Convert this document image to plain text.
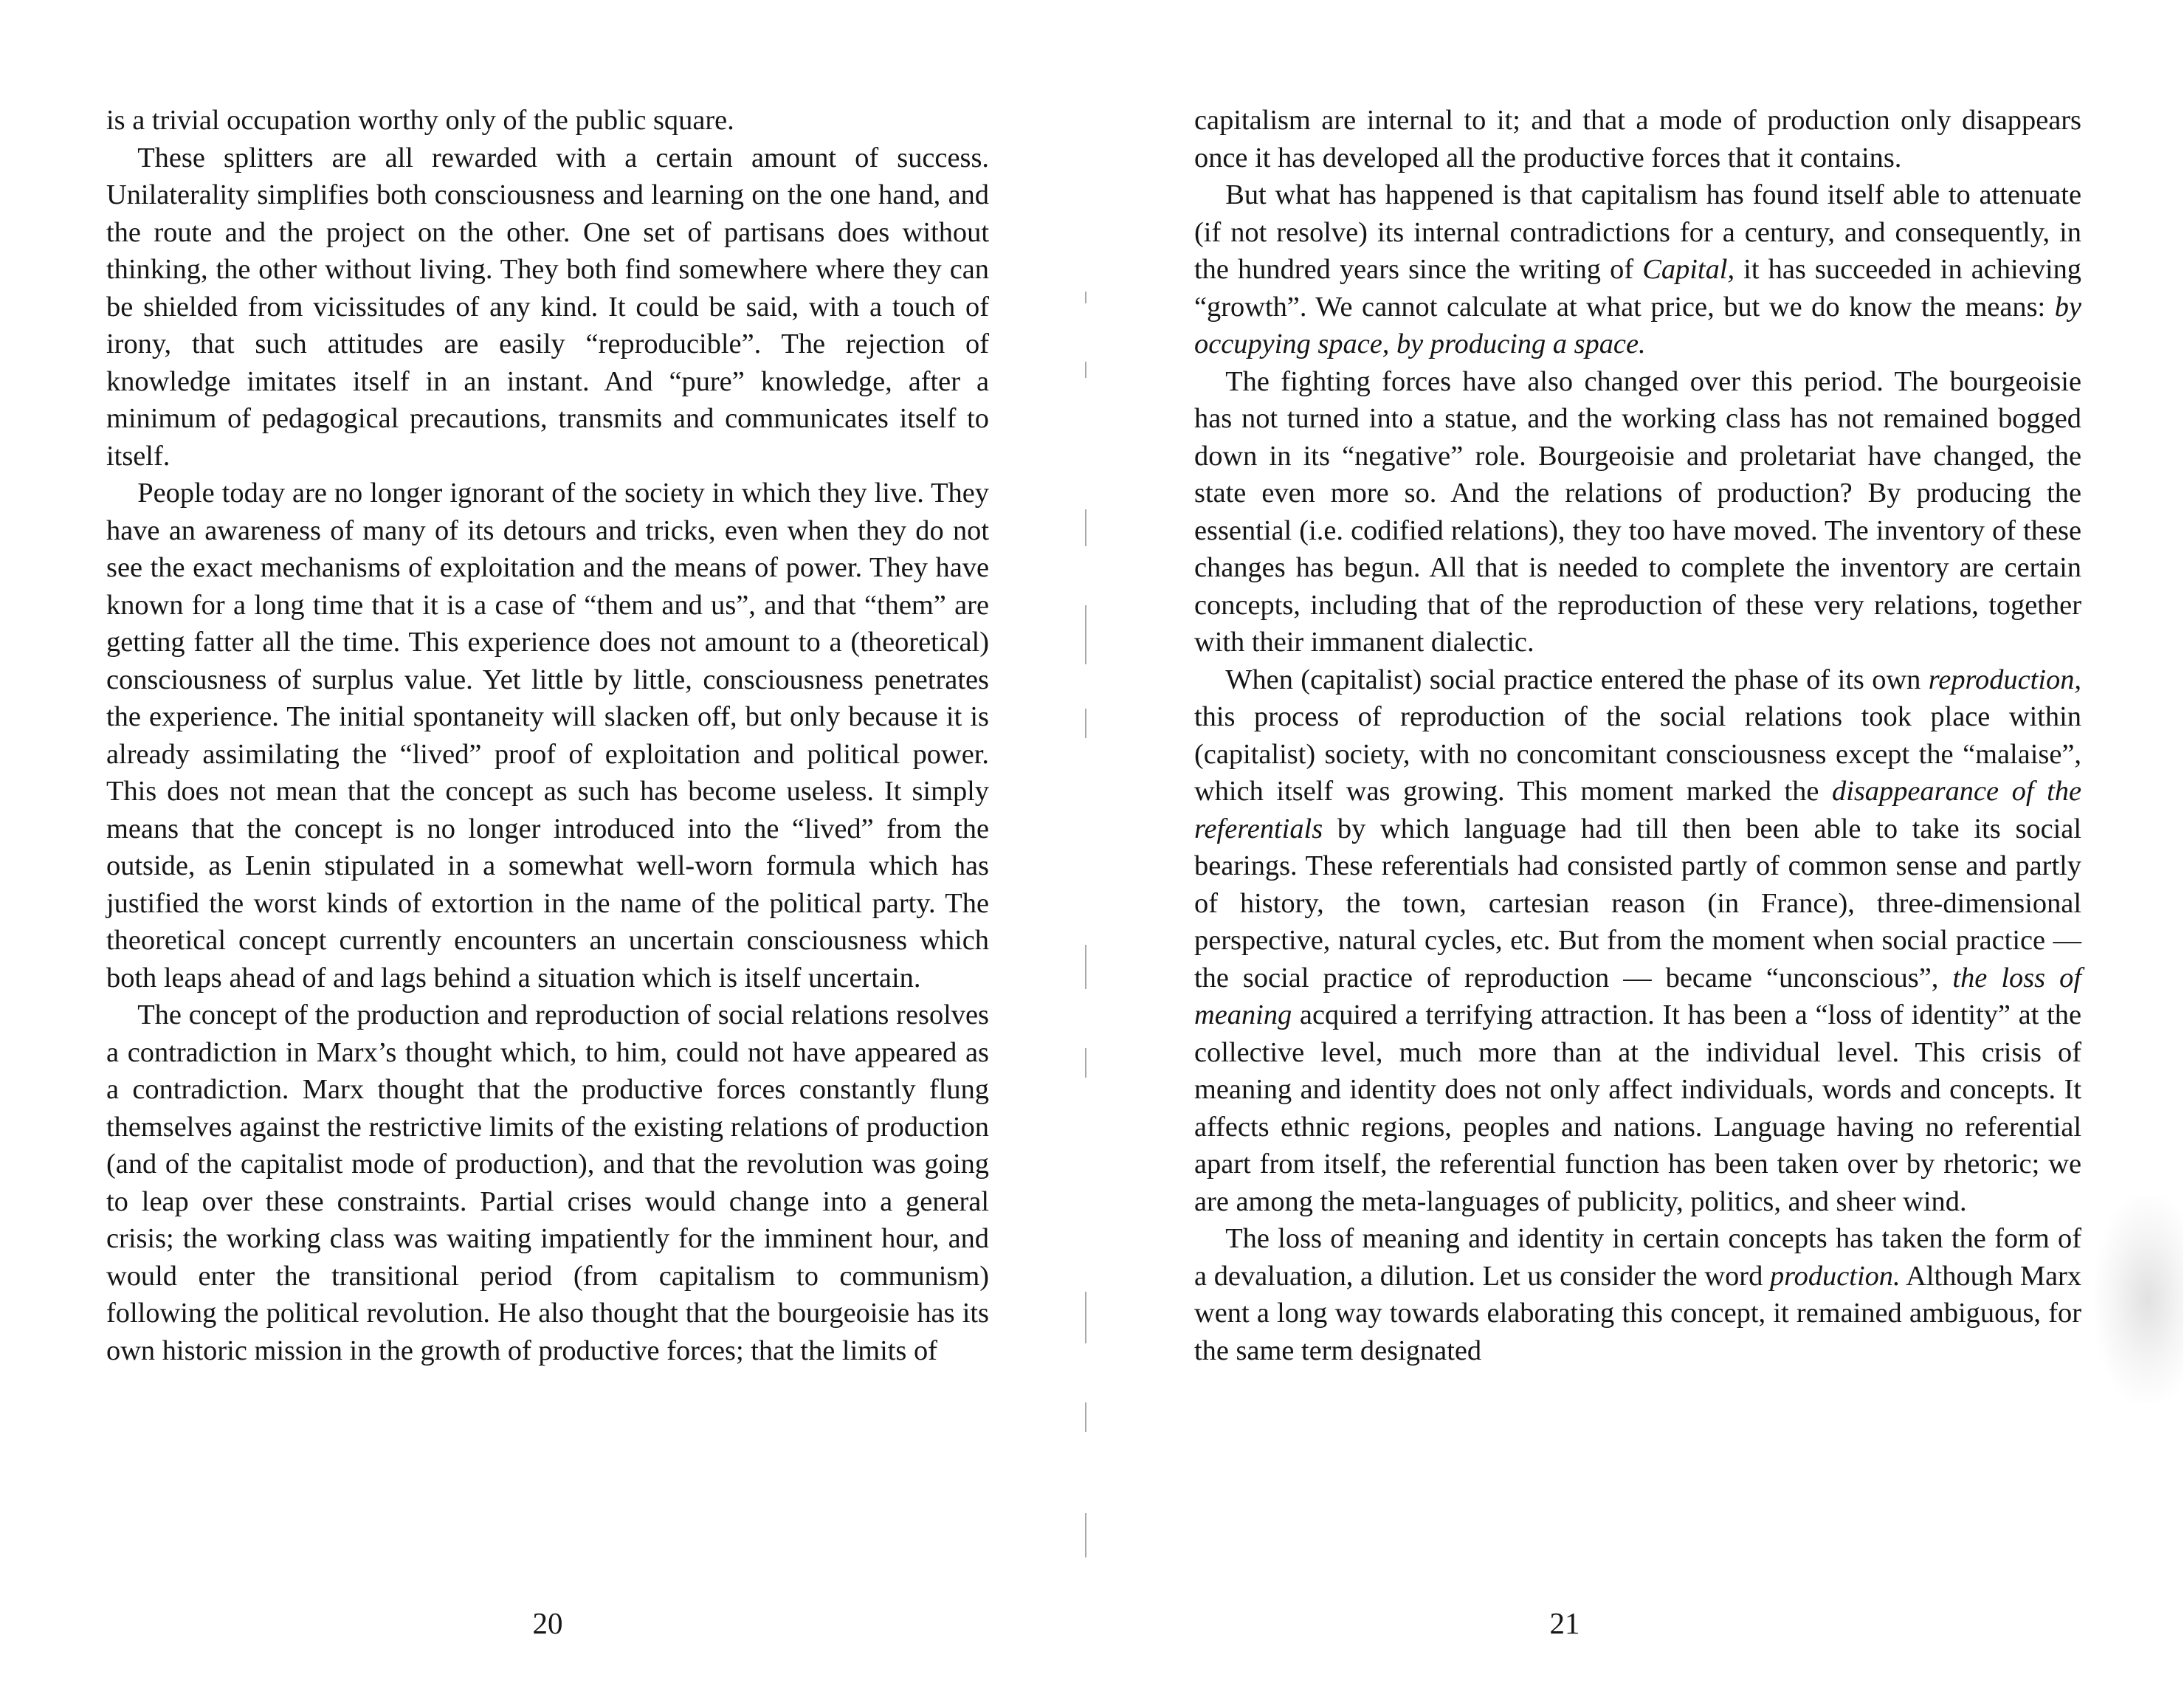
is a trivial occupation worthy only of the public square.

These splitters are all rewarded with a certain amount of success. Unilaterality simplifies both consciousness and learning on the one hand, and the route and the project on the other. One set of partisans does without thinking, the other without living. They both find somewhere where they can be shielded from vicissitudes of any kind. It could be said, with a touch of irony, that such attitudes are easily “reproducible”. The rejection of knowledge imitates itself in an instant. And “pure” knowledge, after a minimum of pedagogical precautions, transmits and communicates itself to itself.

People today are no longer ignorant of the society in which they live. They have an awareness of many of its detours and tricks, even when they do not see the exact mechanisms of exploitation and the means of power. They have known for a long time that it is a case of “them and us”, and that “them” are getting fatter all the time. This experience does not amount to a (theoretical) consciousness of surplus value. Yet little by little, consciousness penetrates the experience. The initial spontaneity will slacken off, but only because it is already assimilating the “lived” proof of exploitation and political power. This does not mean that the concept as such has become useless. It simply means that the concept is no longer introduced into the “lived” from the outside, as Lenin stipulated in a somewhat well-worn formula which has justified the worst kinds of extortion in the name of the political party. The theoretical concept currently encounters an uncertain consciousness which both leaps ahead of and lags behind a situation which is itself uncertain.

The concept of the production and reproduction of social relations resolves a contradiction in Marx’s thought which, to him, could not have appeared as a contradiction. Marx thought that the productive forces constantly flung themselves against the restrictive limits of the existing relations of production (and of the capitalist mode of production), and that the revolution was going to leap over these constraints. Partial crises would change into a general crisis; the working class was waiting impatiently for the imminent hour, and would enter the transitional period (from capitalism to communism) following the political revolution. He also thought that the bourgeoisie has its own historic mission in the growth of productive forces; that the limits of

20

capitalism are internal to it; and that a mode of production only disappears once it has developed all the productive forces that it contains.

But what has happened is that capitalism has found itself able to attenuate (if not resolve) its internal contradictions for a century, and consequently, in the hundred years since the writing of Capital, it has succeeded in achieving “growth”. We cannot calculate at what price, but we do know the means: by occupying space, by producing a space.

The fighting forces have also changed over this period. The bourgeoisie has not turned into a statue, and the working class has not remained bogged down in its “negative” role. Bourgeoisie and proletariat have changed, the state even more so. And the relations of production? By producing the essential (i.e. codified relations), they too have moved. The inventory of these changes has begun. All that is needed to complete the inventory are certain concepts, including that of the reproduction of these very relations, together with their immanent dialectic.

When (capitalist) social practice entered the phase of its own reproduction, this process of reproduction of the social relations took place within (capitalist) society, with no concomitant consciousness except the “malaise”, which itself was growing. This moment marked the disappearance of the referentials by which language had till then been able to take its social bearings. These referentials had consisted partly of common sense and partly of history, the town, cartesian reason (in France), three-dimensional perspective, natural cycles, etc. But from the moment when social practice — the social practice of reproduction — became “unconscious”, the loss of meaning acquired a terrifying attraction. It has been a “loss of identity” at the collective level, much more than at the individual level. This crisis of meaning and identity does not only affect individuals, words and concepts. It affects ethnic regions, peoples and nations. Language having no referential apart from itself, the referential function has been taken over by rhetoric; we are among the meta-languages of publicity, politics, and sheer wind.

The loss of meaning and identity in certain concepts has taken the form of a devaluation, a dilution. Let us consider the word production. Although Marx went a long way towards elaborating this concept, it remained ambiguous, for the same term designated

21
